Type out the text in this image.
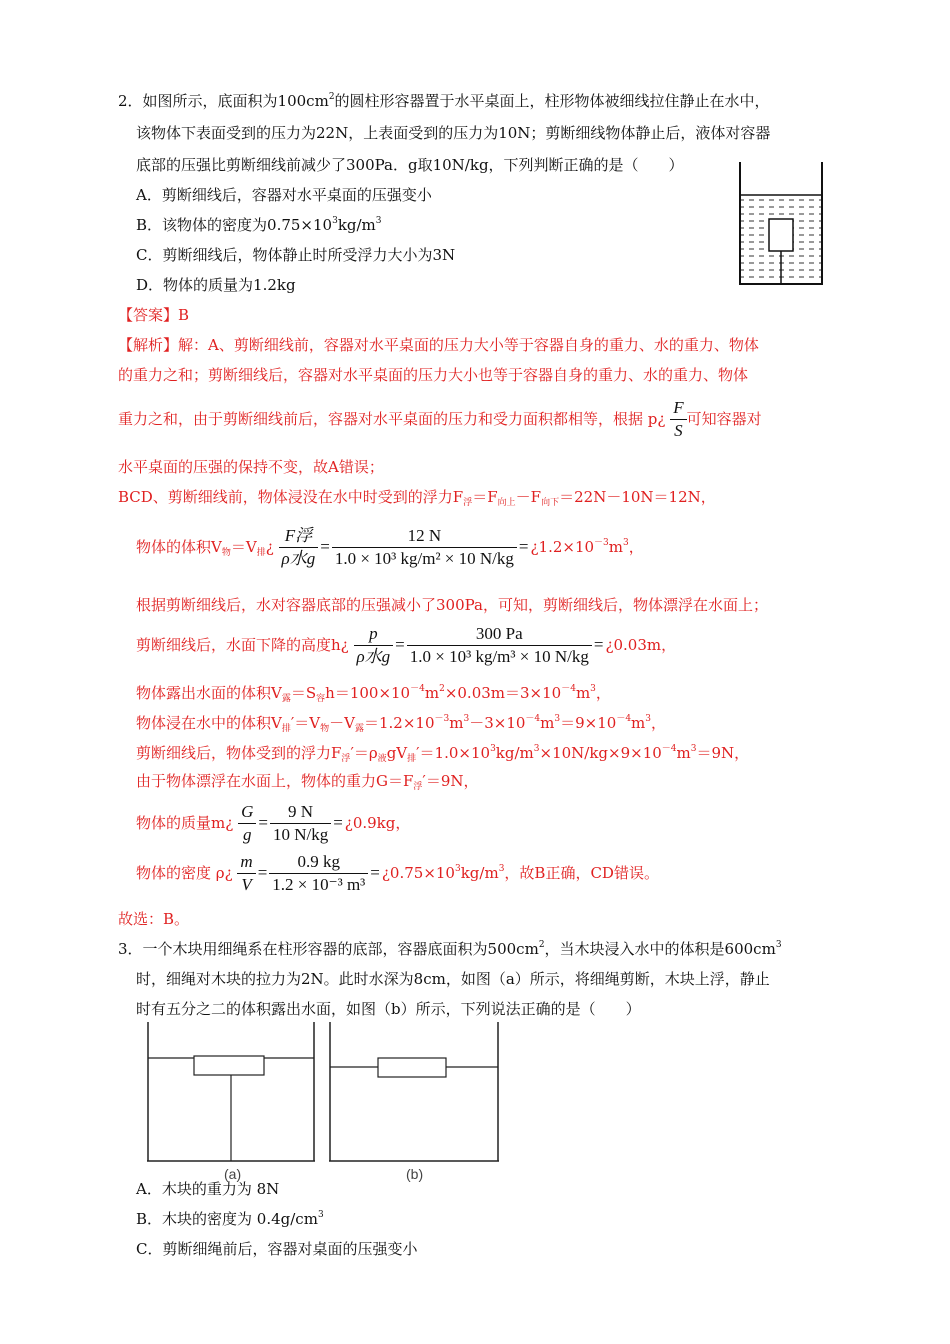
2．如图所示，底面积为$100cm^2$的圆柱形容器置于水平桌面上，柱形物体被细线拉住静止在水中，
该物体下表面受到的压力为22N，上表面受到的压力为10N；剪断细线物体静止后，液体对容器
底部的压强比剪断细线前减少了300Pa．g取10N/kg，下列判断正确的是（　　）
A．剪断细线后，容器对水平桌面的压强变小
B．该物体的密度为$0.75\times 10^3kg/m^3$
C．剪断细线后，物体静止时所受浮力大小为3N
D．物体的质量为1.2kg
【答案】B
【解析】解：A、剪断细线前，容器对水平桌面的压力大小等于容器自身的重力、水的重力、物体
的重力之和；剪断细线后，容器对水平桌面的压力大小也等于容器自身的重力、水的重力、物体
重力之和，由于剪断细线前后，容器对水平桌面的压力和受力面积都相等，根据 p¿ $\frac{F}{S}$ 可知容器对
水平桌面的压强的保持不变，故A错误；
BCD、剪断细线前，物体浸没在水中时受到的浮力$F_浮=F_{向上}-F_{向下}=22N-10N=12N$，
物体的体积$V_物=V_排¿ \frac{\text{F浮}}{\text{ρ水g}} = \frac{12 N}{\text{1.0 × 10³ kg/m² × 10 N/kg}}$ = ¿$1.2\times 10^{-3}m^3$，
根据剪断细线后，水对容器底部的压强减小了300Pa，可知，剪断细线后，物体漂浮在水面上；
剪断细线后，水面下降的高度h¿ $\frac{p}{\text{ρ水g}} = \frac{300 Pa}{\text{1.0 × 10³ kg/m³ × 10 N/kg}}$ = ¿0.03m，
物体露出水面的体积$V_露=S_容h=100\times 10^{-4}m^2\times 0.03m=3\times 10^{-4}m^3$，
物体浸在水中的体积$V_排'=V_物-V_露=1.2\times 10^{-3}m^3-3\times 10^{-4}m^3=9\times 10^{-4}m^3$，
剪断细线后，物体受到的浮力$F_浮'=\rho_液gV_排'=1.0\times 10^3kg/m^3\times 10N/kg\times 9\times 10^{-4}m^3=9N$，
由于物体漂浮在水面上，物体的重力$G=F_浮'=9N$，
物体的质量m¿ $\frac{G}{g} = \frac{9 N}{10 N/kg}$ = ¿0.9kg，
物体的密度 ρ¿ $\frac{m}{V} = \frac{0.9 kg}{\text{1.2 × 10⁻³ m³}}$ = ¿$0.75\times 10^3kg/m^3$，故B正确，CD错误。
故选：B。
3．一个木块用细绳系在柱形容器的底部，容器底面积为$500cm^2$，当木块浸入水中的体积是$600cm^3$
时，细绳对木块的拉力为2N。此时水深为8cm，如图（a）所示，将细绳剪断，木块上浮，静止
时有五分之二的体积露出水面，如图（b）所示，下列说法正确的是（　　）
(a)	(b)
A．木块的重力为 8N
B．木块的密度为 $0.4g/cm^3$
C．剪断细绳前后，容器对桌面的压强变小
